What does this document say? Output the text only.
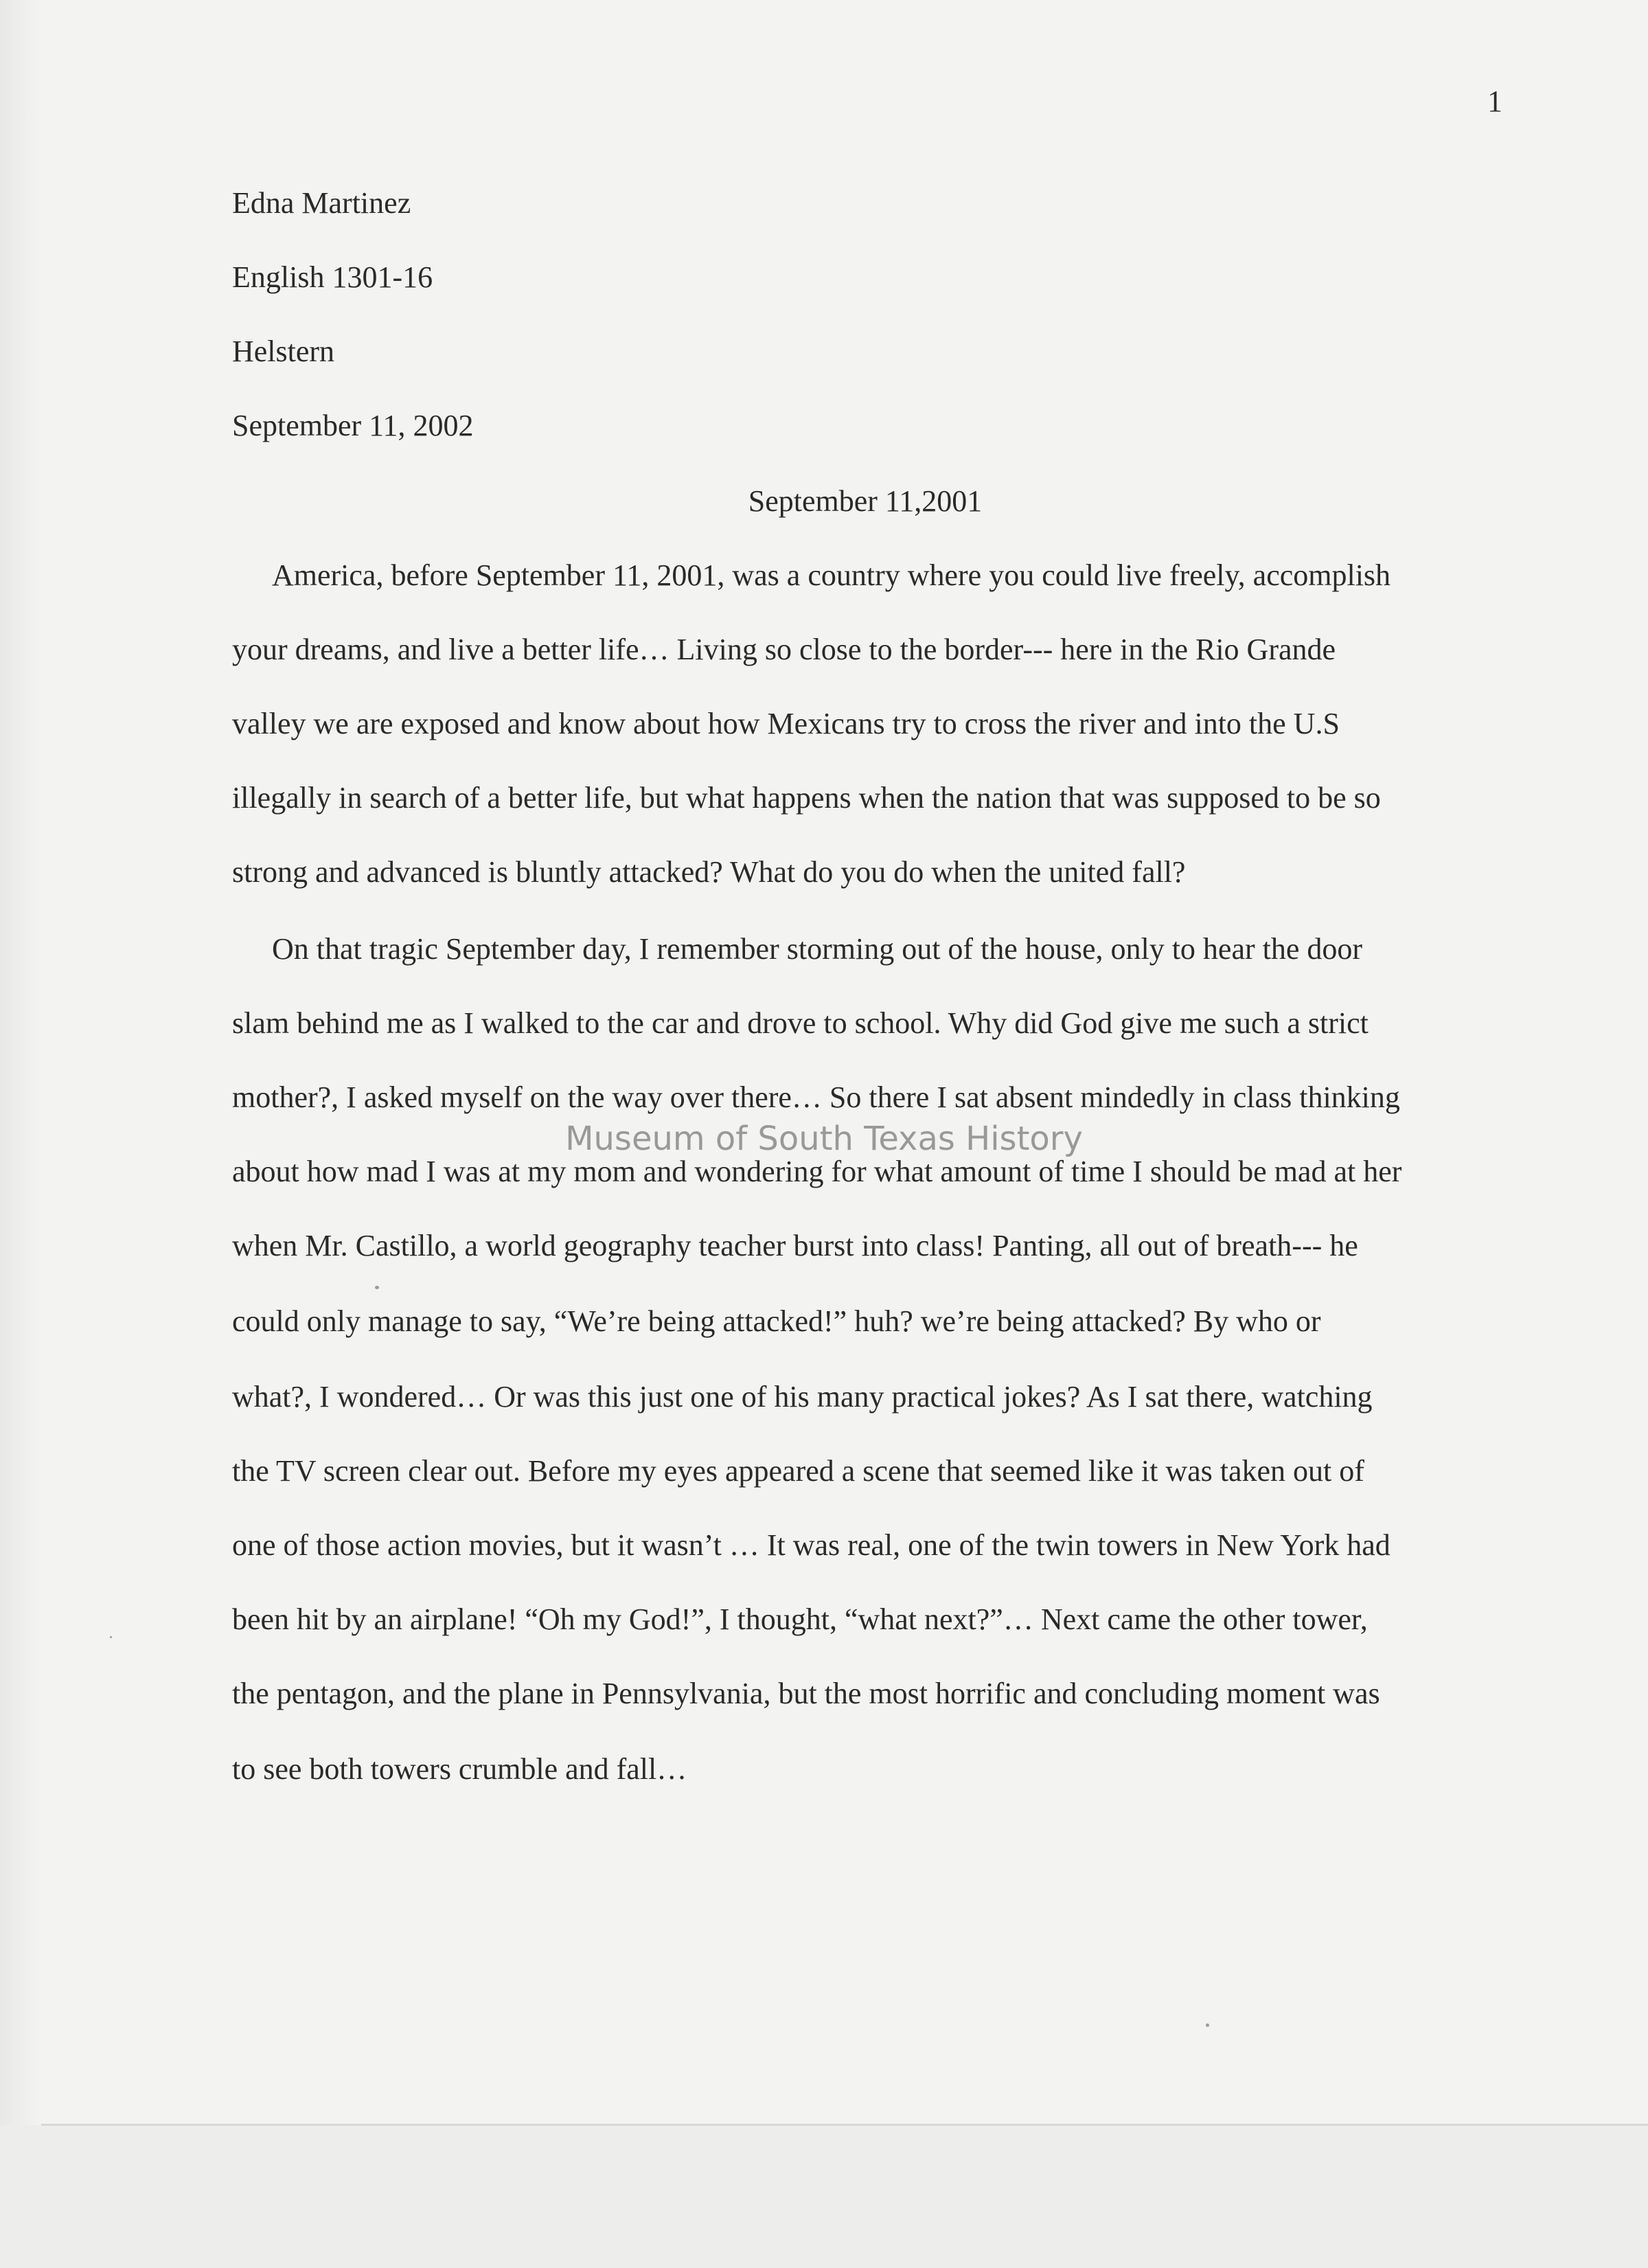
1
Edna Martinez
English 1301-16
Helstern
September 11, 2002
September 11,2001
America, before September 11, 2001, was a country where you could live freely, accomplish
your dreams, and live a better life… Living so close to the border--- here in the Rio Grande
valley we are exposed and know about how Mexicans try to cross the river and into the U.S
illegally in search of a better life, but what happens when the nation that was supposed to be so
strong and advanced is bluntly attacked? What do you do when the united fall?
On that tragic September day, I remember storming out of the house, only to hear the door
slam behind me as I walked to the car and drove to school. Why did God give me such a strict
mother?, I asked myself on the way over there… So there I sat absent mindedly in class thinking
about how mad I was at my mom and wondering for what amount of time I should be mad at her
when Mr. Castillo, a world geography teacher burst into class! Panting, all out of breath--- he
could only manage to say, “We’re being attacked!” huh? we’re being attacked? By who or
what?, I wondered… Or was this just one of his many practical jokes? As I sat there, watching
the TV screen clear out. Before my eyes appeared a scene that seemed like it was taken out of
one of those action movies, but it wasn’t … It was real, one of the twin towers in New York had
been hit by an airplane! “Oh my God!”, I thought, “what next?”… Next came the other tower,
the pentagon, and the plane in Pennsylvania, but the most horrific and concluding moment was
to see both towers crumble and fall…
Museum of South Texas History
